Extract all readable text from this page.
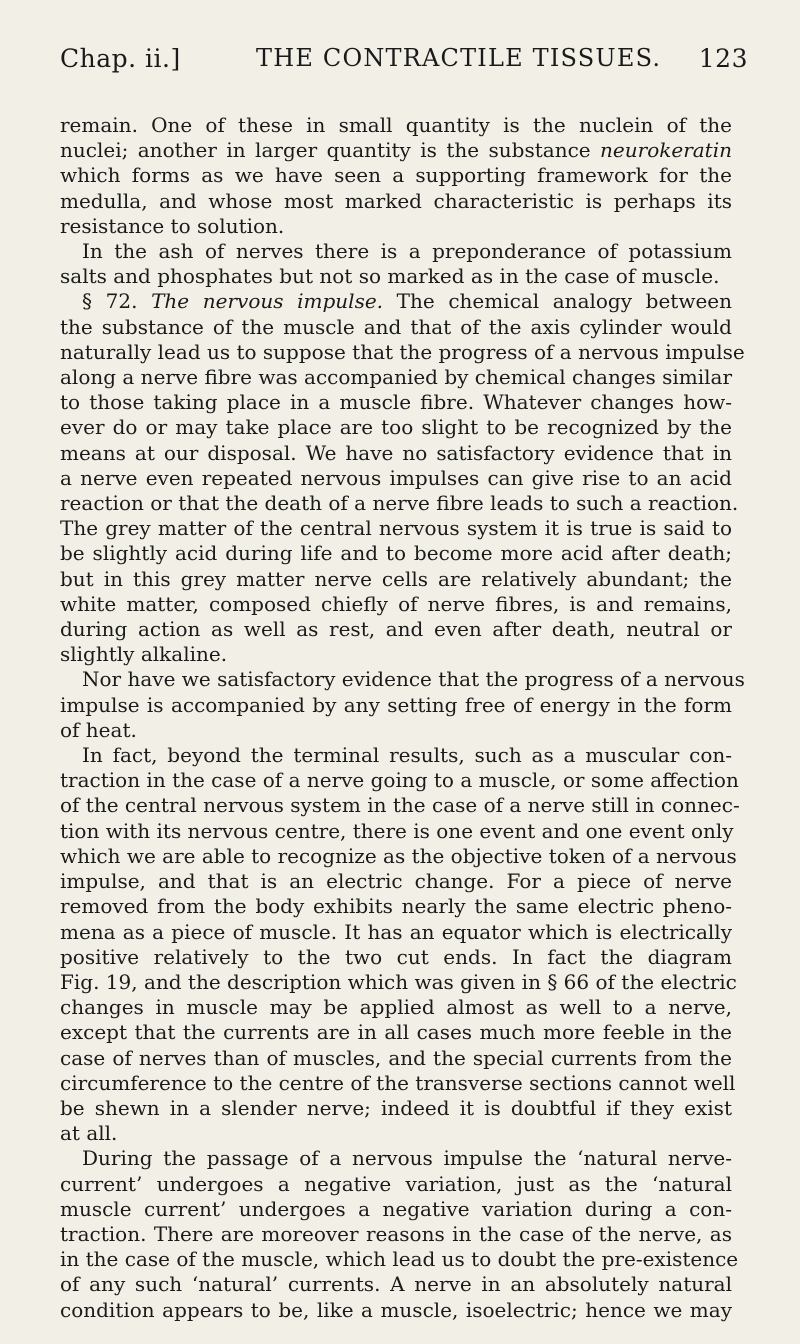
Chap. ii.]	THE CONTRACTILE TISSUES. 123
remain. One of these in small quantity is the nuclein of the
nuclei; another in larger quantity is the substance neurokeratin
which forms as we have seen a supporting framework for the
medulla, and whose most marked characteristic is perhaps its
resistance to solution.
In the ash of nerves there is a preponderance of potassium
salts and phosphates but not so marked as in the case of muscle.
§ 72. The nervous impulse. The chemical analogy between
the substance of the muscle and that of the axis cylinder would
naturally lead us to suppose that the progress of a nervous impulse
along a nerve fibre was accompanied by chemical changes similar
to those taking place in a muscle fibre. Whatever changes how-
ever do or may take place are too slight to be recognized by the
means at our disposal. We have no satisfactory evidence that in
a nerve even repeated nervous impulses can give rise to an acid
reaction or that the death of a nerve fibre leads to such a reaction.
The grey matter of the central nervous system it is true is said to
be slightly acid during life and to become more acid after death;
but in this grey matter nerve cells are relatively abundant; the
white matter, composed chiefly of nerve fibres, is and remains,
during action as well as rest, and even after death, neutral or
slightly alkaline.
Nor have we satisfactory evidence that the progress of a nervous
impulse is accompanied by any setting free of energy in the form
of heat.
In fact, beyond the terminal results, such as a muscular con-
traction in the case of a nerve going to a muscle, or some affection
of the central nervous system in the case of a nerve still in connec-
tion with its nervous centre, there is one event and one event only
which we are able to recognize as the objective token of a nervous
impulse, and that is an electric change. For a piece of nerve
removed from the body exhibits nearly the same electric pheno-
mena as a piece of muscle. It has an equator which is electrically
positive relatively to the two cut ends. In fact the diagram
Fig. 19, and the description which was given in § 66 of the electric
changes in muscle may be applied almost as well to a nerve,
except that the currents are in all cases much more feeble in the
case of nerves than of muscles, and the special currents from the
circumference to the centre of the transverse sections cannot well
be shewn in a slender nerve; indeed it is doubtful if they exist
at all.
During the passage of a nervous impulse the ‘natural nerve-
current’ undergoes a negative variation, just as the ‘natural
muscle current’ undergoes a negative variation during a con-
traction. There are moreover reasons in the case of the nerve, as
in the case of the muscle, which lead us to doubt the pre-existence
of any such ‘natural’ currents. A nerve in an absolutely natural
condition appears to be, like a muscle, isoelectric; hence we may
